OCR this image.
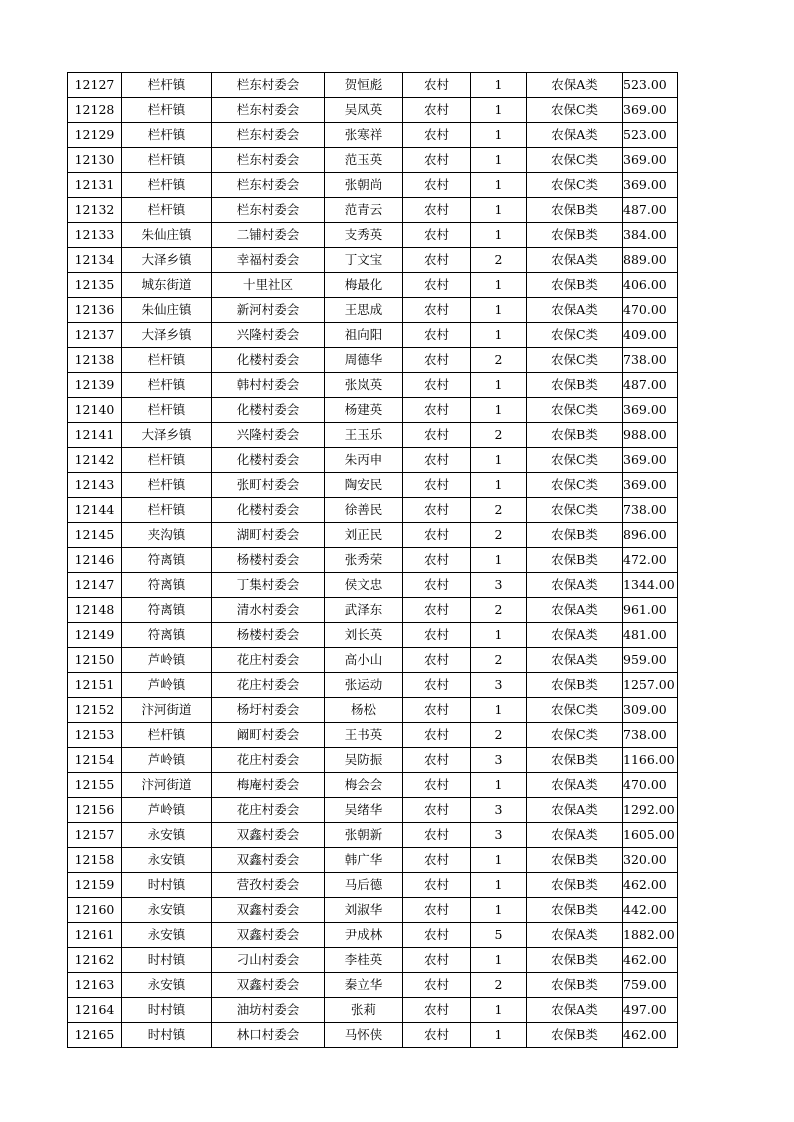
12127	栏杆镇	栏东村委会	贺恒彪	农村	1	农保A类	523.00
12128	栏杆镇	栏东村委会	吴凤英	农村	1	农保C类	369.00
12129	栏杆镇	栏东村委会	张寒祥	农村	1	农保A类	523.00
12130	栏杆镇	栏东村委会	范玉英	农村	1	农保C类	369.00
12131	栏杆镇	栏东村委会	张朝尚	农村	1	农保C类	369.00
12132	栏杆镇	栏东村委会	范青云	农村	1	农保B类	487.00
12133	朱仙庄镇	二铺村委会	支秀英	农村	1	农保B类	384.00
12134	大泽乡镇	幸福村委会	丁文宝	农村	2	农保A类	889.00
12135	城东街道	十里社区	梅最化	农村	1	农保B类	406.00
12136	朱仙庄镇	新河村委会	王思成	农村	1	农保A类	470.00
12137	大泽乡镇	兴隆村委会	祖向阳	农村	1	农保C类	409.00
12138	栏杆镇	化楼村委会	周德华	农村	2	农保C类	738.00
12139	栏杆镇	韩村村委会	张岚英	农村	1	农保B类	487.00
12140	栏杆镇	化楼村委会	杨建英	农村	1	农保C类	369.00
12141	大泽乡镇	兴隆村委会	王玉乐	农村	2	农保B类	988.00
12142	栏杆镇	化楼村委会	朱丙申	农村	1	农保C类	369.00
12143	栏杆镇	张町村委会	陶安民	农村	1	农保C类	369.00
12144	栏杆镇	化楼村委会	徐善民	农村	2	农保C类	738.00
12145	夹沟镇	湖町村委会	刘正民	农村	2	农保B类	896.00
12146	符离镇	杨楼村委会	张秀荣	农村	1	农保B类	472.00
12147	符离镇	丁集村委会	侯文忠	农村	3	农保A类	1344.00
12148	符离镇	清水村委会	武泽东	农村	2	农保A类	961.00
12149	符离镇	杨楼村委会	刘长英	农村	1	农保A类	481.00
12150	芦岭镇	花庄村委会	高小山	农村	2	农保A类	959.00
12151	芦岭镇	花庄村委会	张运动	农村	3	农保B类	1257.00
12152	汴河街道	杨圩村委会	杨松	农村	1	农保C类	309.00
12153	栏杆镇	阚町村委会	王书英	农村	2	农保C类	738.00
12154	芦岭镇	花庄村委会	吴防振	农村	3	农保B类	1166.00
12155	汴河街道	梅庵村委会	梅会会	农村	1	农保A类	470.00
12156	芦岭镇	花庄村委会	吴绪华	农村	3	农保A类	1292.00
12157	永安镇	双鑫村委会	张朝新	农村	3	农保A类	1605.00
12158	永安镇	双鑫村委会	韩广华	农村	1	农保B类	320.00
12159	时村镇	营孜村委会	马后德	农村	1	农保B类	462.00
12160	永安镇	双鑫村委会	刘淑华	农村	1	农保B类	442.00
12161	永安镇	双鑫村委会	尹成林	农村	5	农保A类	1882.00
12162	时村镇	刁山村委会	李桂英	农村	1	农保B类	462.00
12163	永安镇	双鑫村委会	秦立华	农村	2	农保B类	759.00
12164	时村镇	油坊村委会	张莉	农村	1	农保A类	497.00
12165	时村镇	林口村委会	马怀侠	农村	1	农保B类	462.00
